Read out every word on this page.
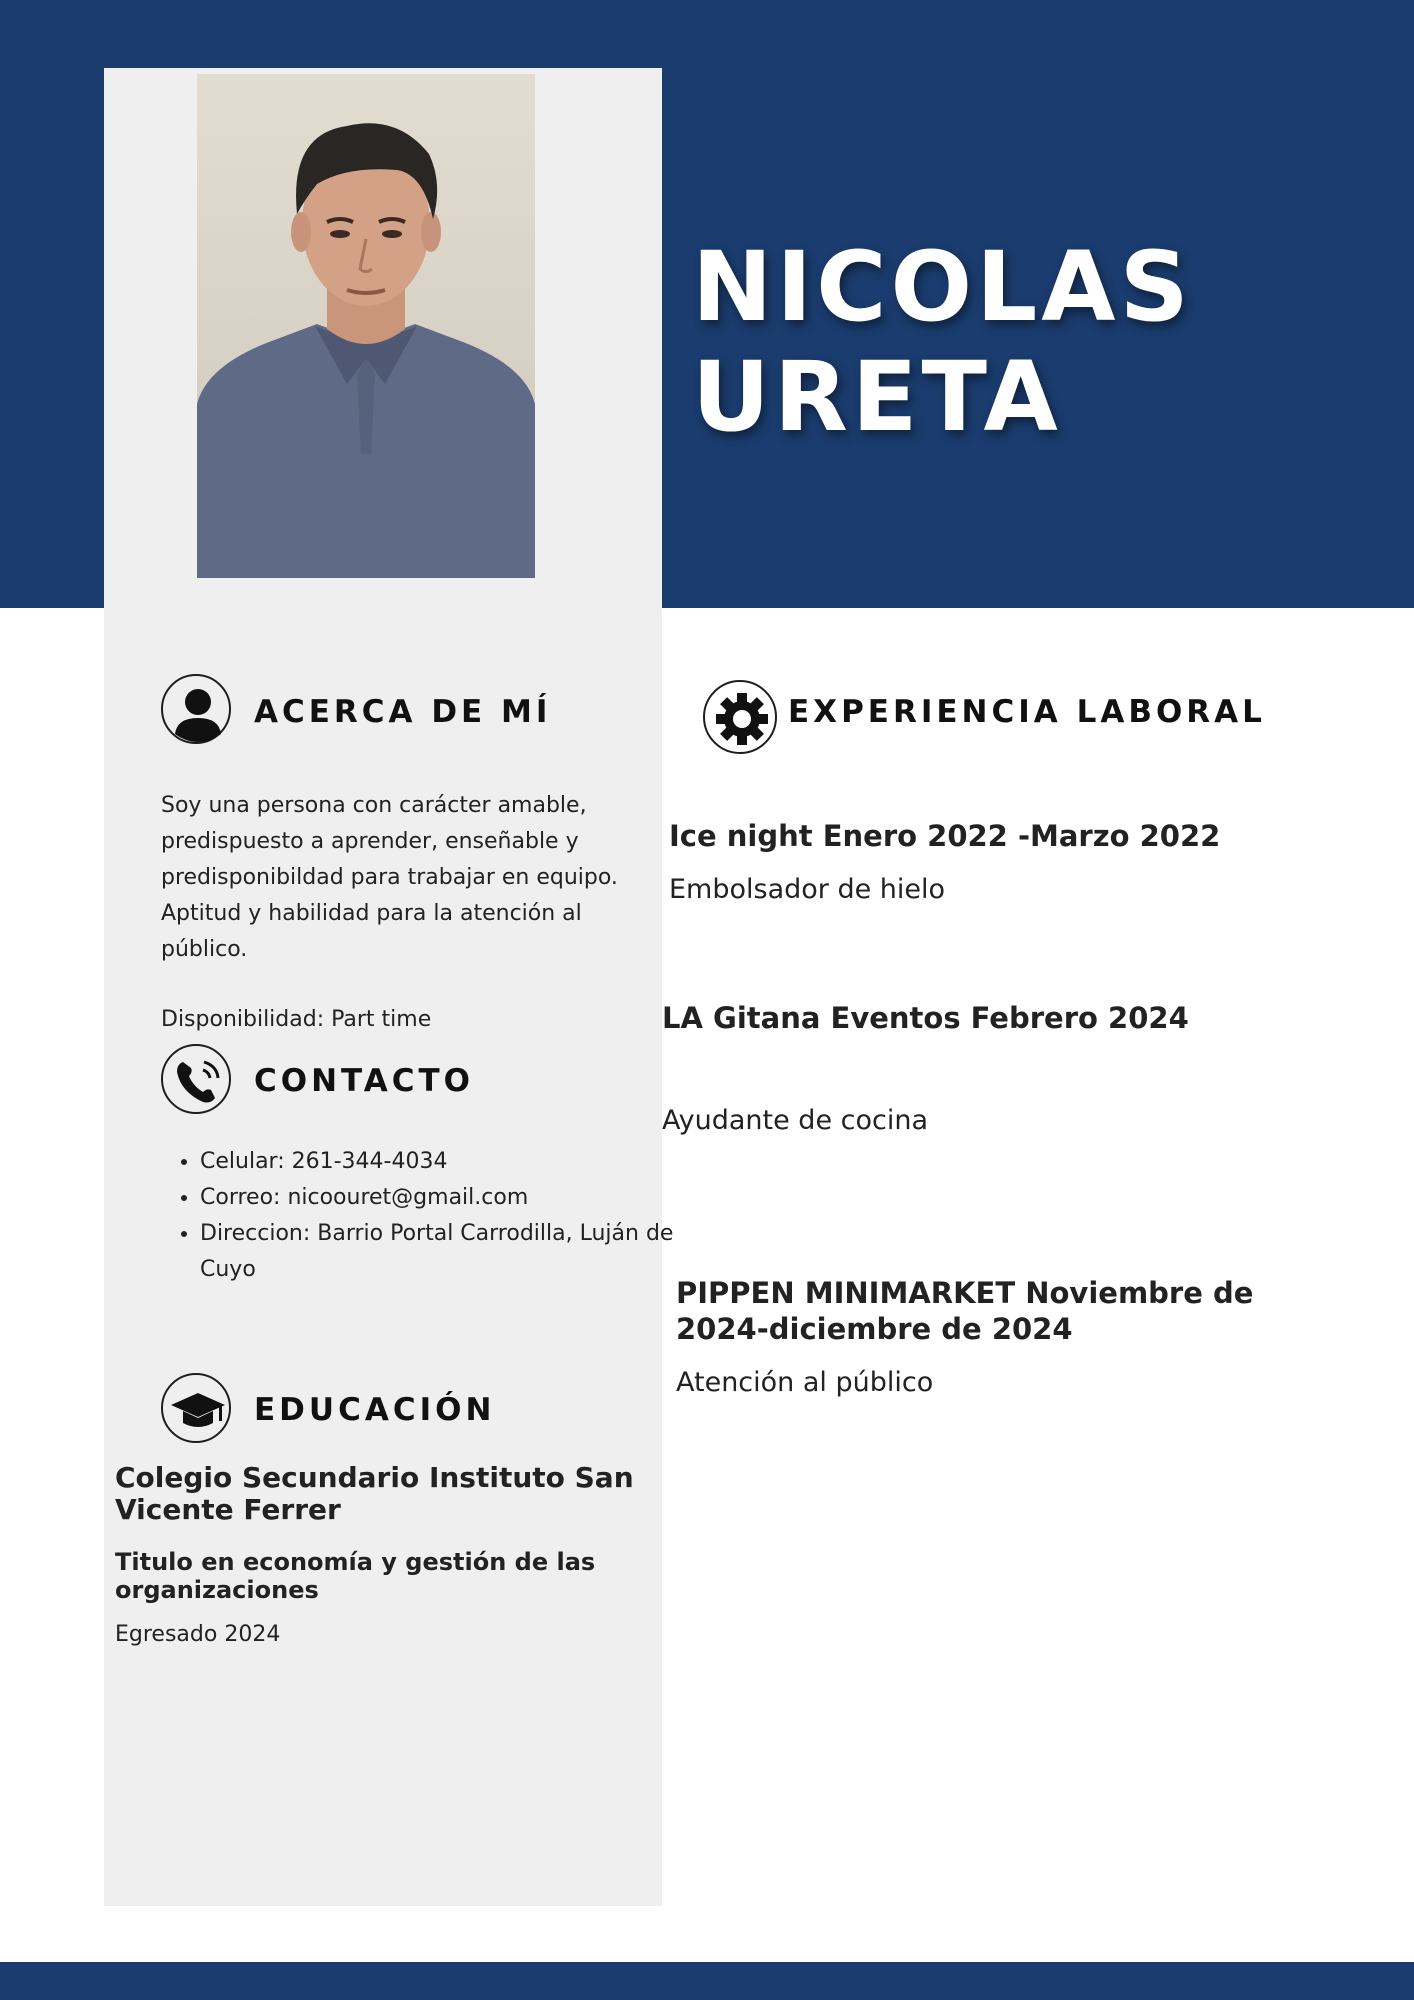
NICOLAS
URETA
ACERCA DE MÍ

Soy una persona con carácter amable, predispuesto a aprender, enseñable y predisponibildad para trabajar en equipo. Aptitud y habilidad para la atención al público.

Disponibilidad: Part time

CONTACTO
• Celular: 261-344-4034
• Correo: nicoouret@gmail.com
• Direccion: Barrio Portal Carrodilla, Luján de Cuyo
EDUCACIÓN

Colegio Secundario Instituto San Vicente Ferrer

Titulo en economía y gestión de las organizaciones

Egresado 2024

EXPERIENCIA LABORAL

Ice night Enero 2022 -Marzo 2022

Embolsador de hielo

LA Gitana Eventos Febrero 2024

Ayudante de cocina

PIPPEN MINIMARKET Noviembre de 2024-diciembre de 2024

Atención al público
